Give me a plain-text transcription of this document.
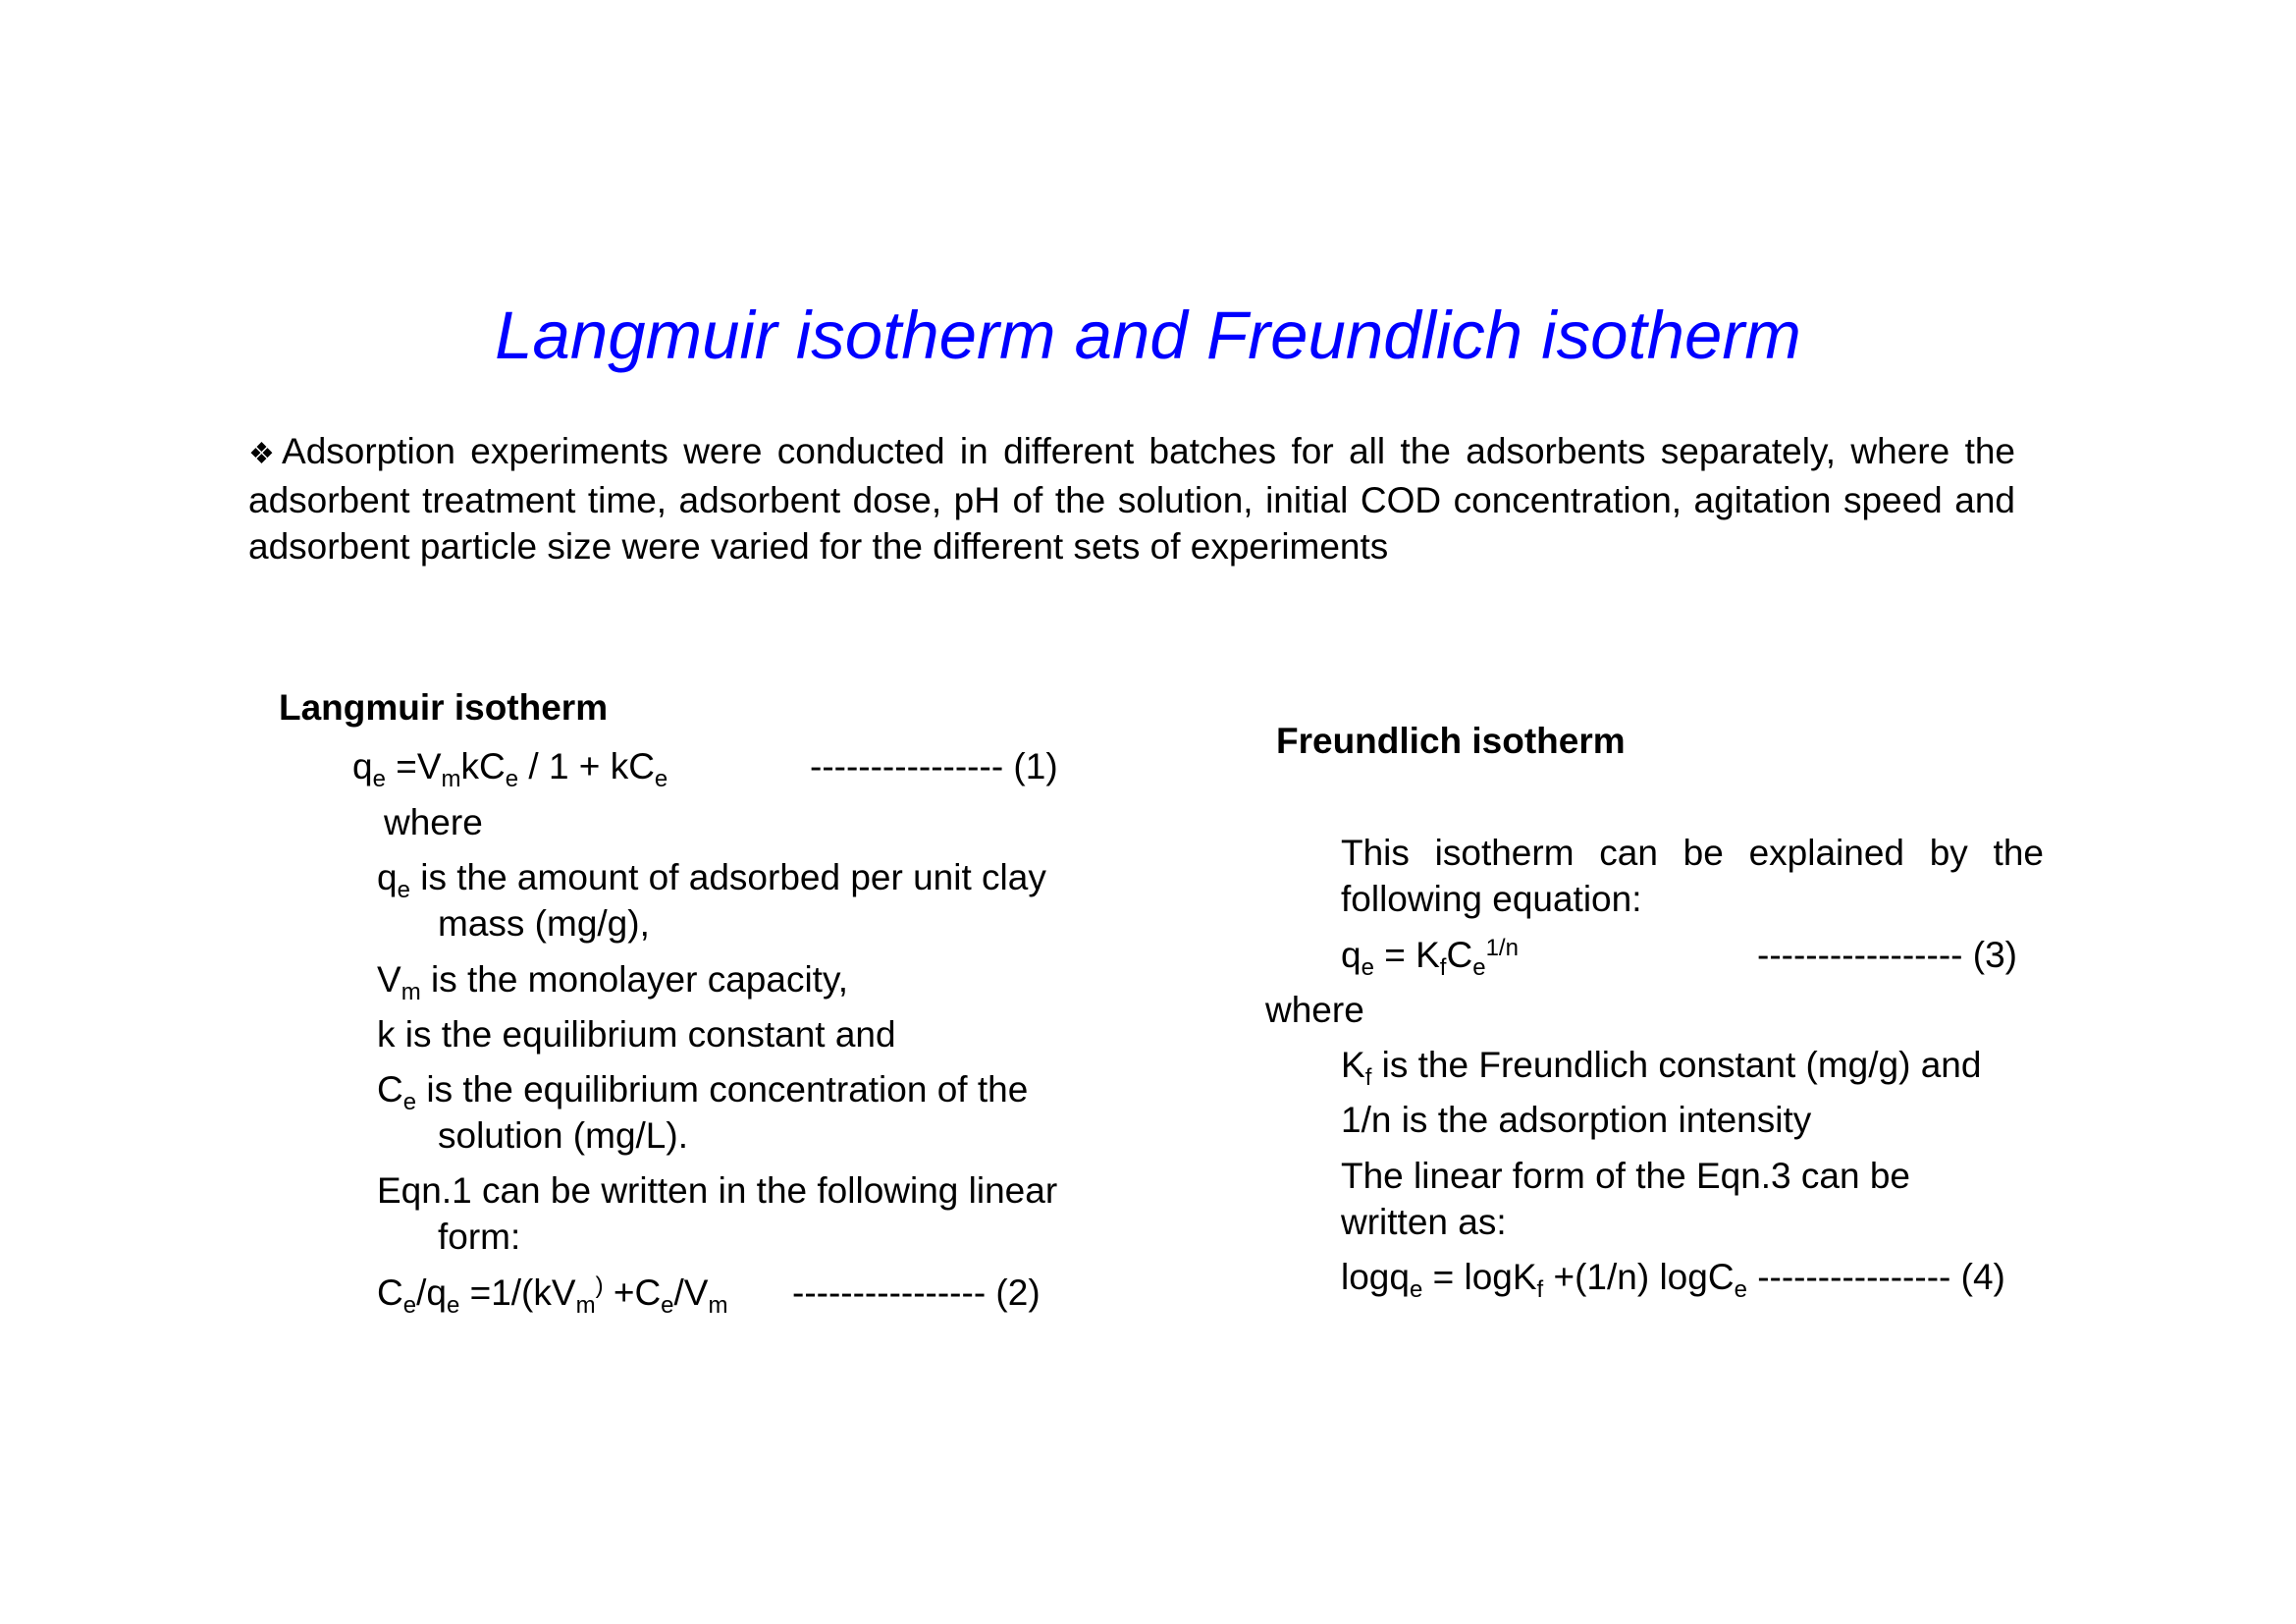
Langmuir isotherm and Freundlich isotherm
❖Adsorption experiments were conducted in different batches for all the adsorbents separately, where the adsorbent treatment time, adsorbent dose, pH of the solution, initial COD concentration, agitation speed and adsorbent particle size were varied for the different sets of experiments
Langmuir isotherm
$q_e =V_mkC_e / 1 + kC_e$	---------------- (1)
where
$q_e$ is the amount of adsorbed per unit clay
mass (mg/g),
$V_m$ is the monolayer capacity,
k is the equilibrium constant and
$C_e$ is the equilibrium concentration of the
solution (mg/L).
Eqn.1 can be written in the following linear
form:
$C_e/q_e =1/(kV_m^) +C_e/V_m$ ---------------- (2)
Freundlich isotherm
This isotherm can be explained by the
following equation:
$q_e = K_fC_e^{1/n}$	----------------- (3)
where
$K_f$ is the Freundlich constant (mg/g) and
1/n is the adsorption intensity
The linear form of the Eqn.3 can be
written as:
logq$_e$ = logK$_f$ +(1/n) logC$_e$ ---------------- (4)
